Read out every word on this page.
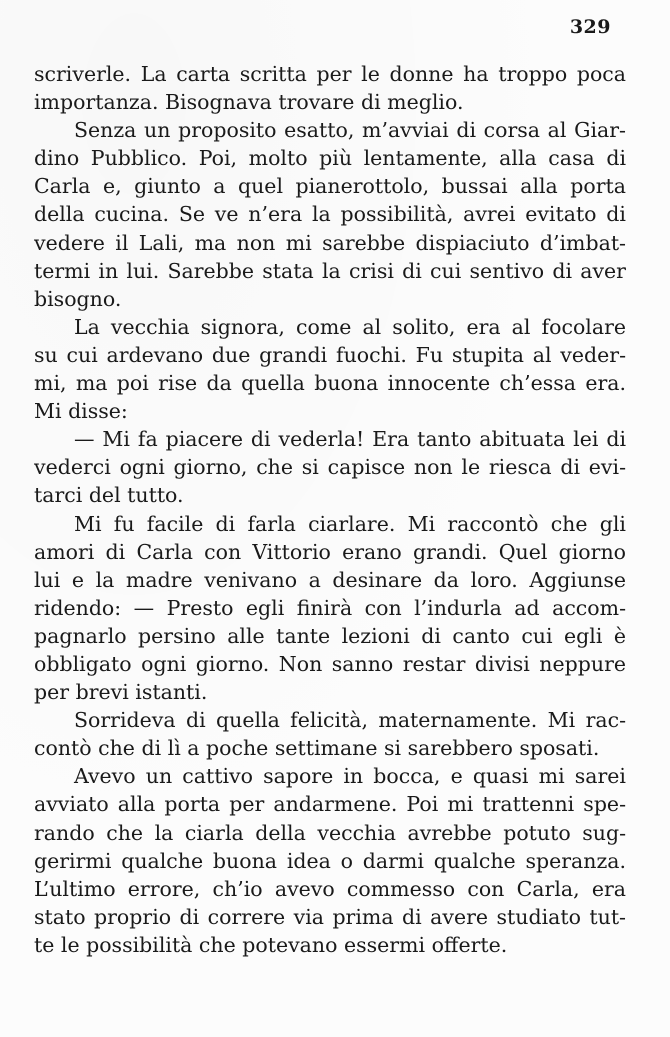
329
scriverle. La carta scritta per le donne ha troppo poca
importanza. Bisognava trovare di meglio.
Senza un proposito esatto, m’avviai di corsa al Giar-
dino Pubblico. Poi, molto più lentamente, alla casa di
Carla e, giunto a quel pianerottolo, bussai alla porta
della cucina. Se ve n’era la possibilità, avrei evitato di
vedere il Lali, ma non mi sarebbe dispiaciuto d’imbat-
termi in lui. Sarebbe stata la crisi di cui sentivo di aver
bisogno.
La vecchia signora, come al solito, era al focolare
su cui ardevano due grandi fuochi. Fu stupita al veder-
mi, ma poi rise da quella buona innocente ch’essa era.
Mi disse:
— Mi fa piacere di vederla! Era tanto abituata lei di
vederci ogni giorno, che si capisce non le riesca di evi-
tarci del tutto.
Mi fu facile di farla ciarlare. Mi raccontò che gli
amori di Carla con Vittorio erano grandi. Quel giorno
lui e la madre venivano a desinare da loro. Aggiunse
ridendo: — Presto egli finirà con l’indurla ad accom-
pagnarlo persino alle tante lezioni di canto cui egli è
obbligato ogni giorno. Non sanno restar divisi neppure
per brevi istanti.
Sorrideva di quella felicità, maternamente. Mi rac-
contò che di lì a poche settimane si sarebbero sposati.
Avevo un cattivo sapore in bocca, e quasi mi sarei
avviato alla porta per andarmene. Poi mi trattenni spe-
rando che la ciarla della vecchia avrebbe potuto sug-
gerirmi qualche buona idea o darmi qualche speranza.
L’ultimo errore, ch’io avevo commesso con Carla, era
stato proprio di correre via prima di avere studiato tut-
te le possibilità che potevano essermi offerte.
